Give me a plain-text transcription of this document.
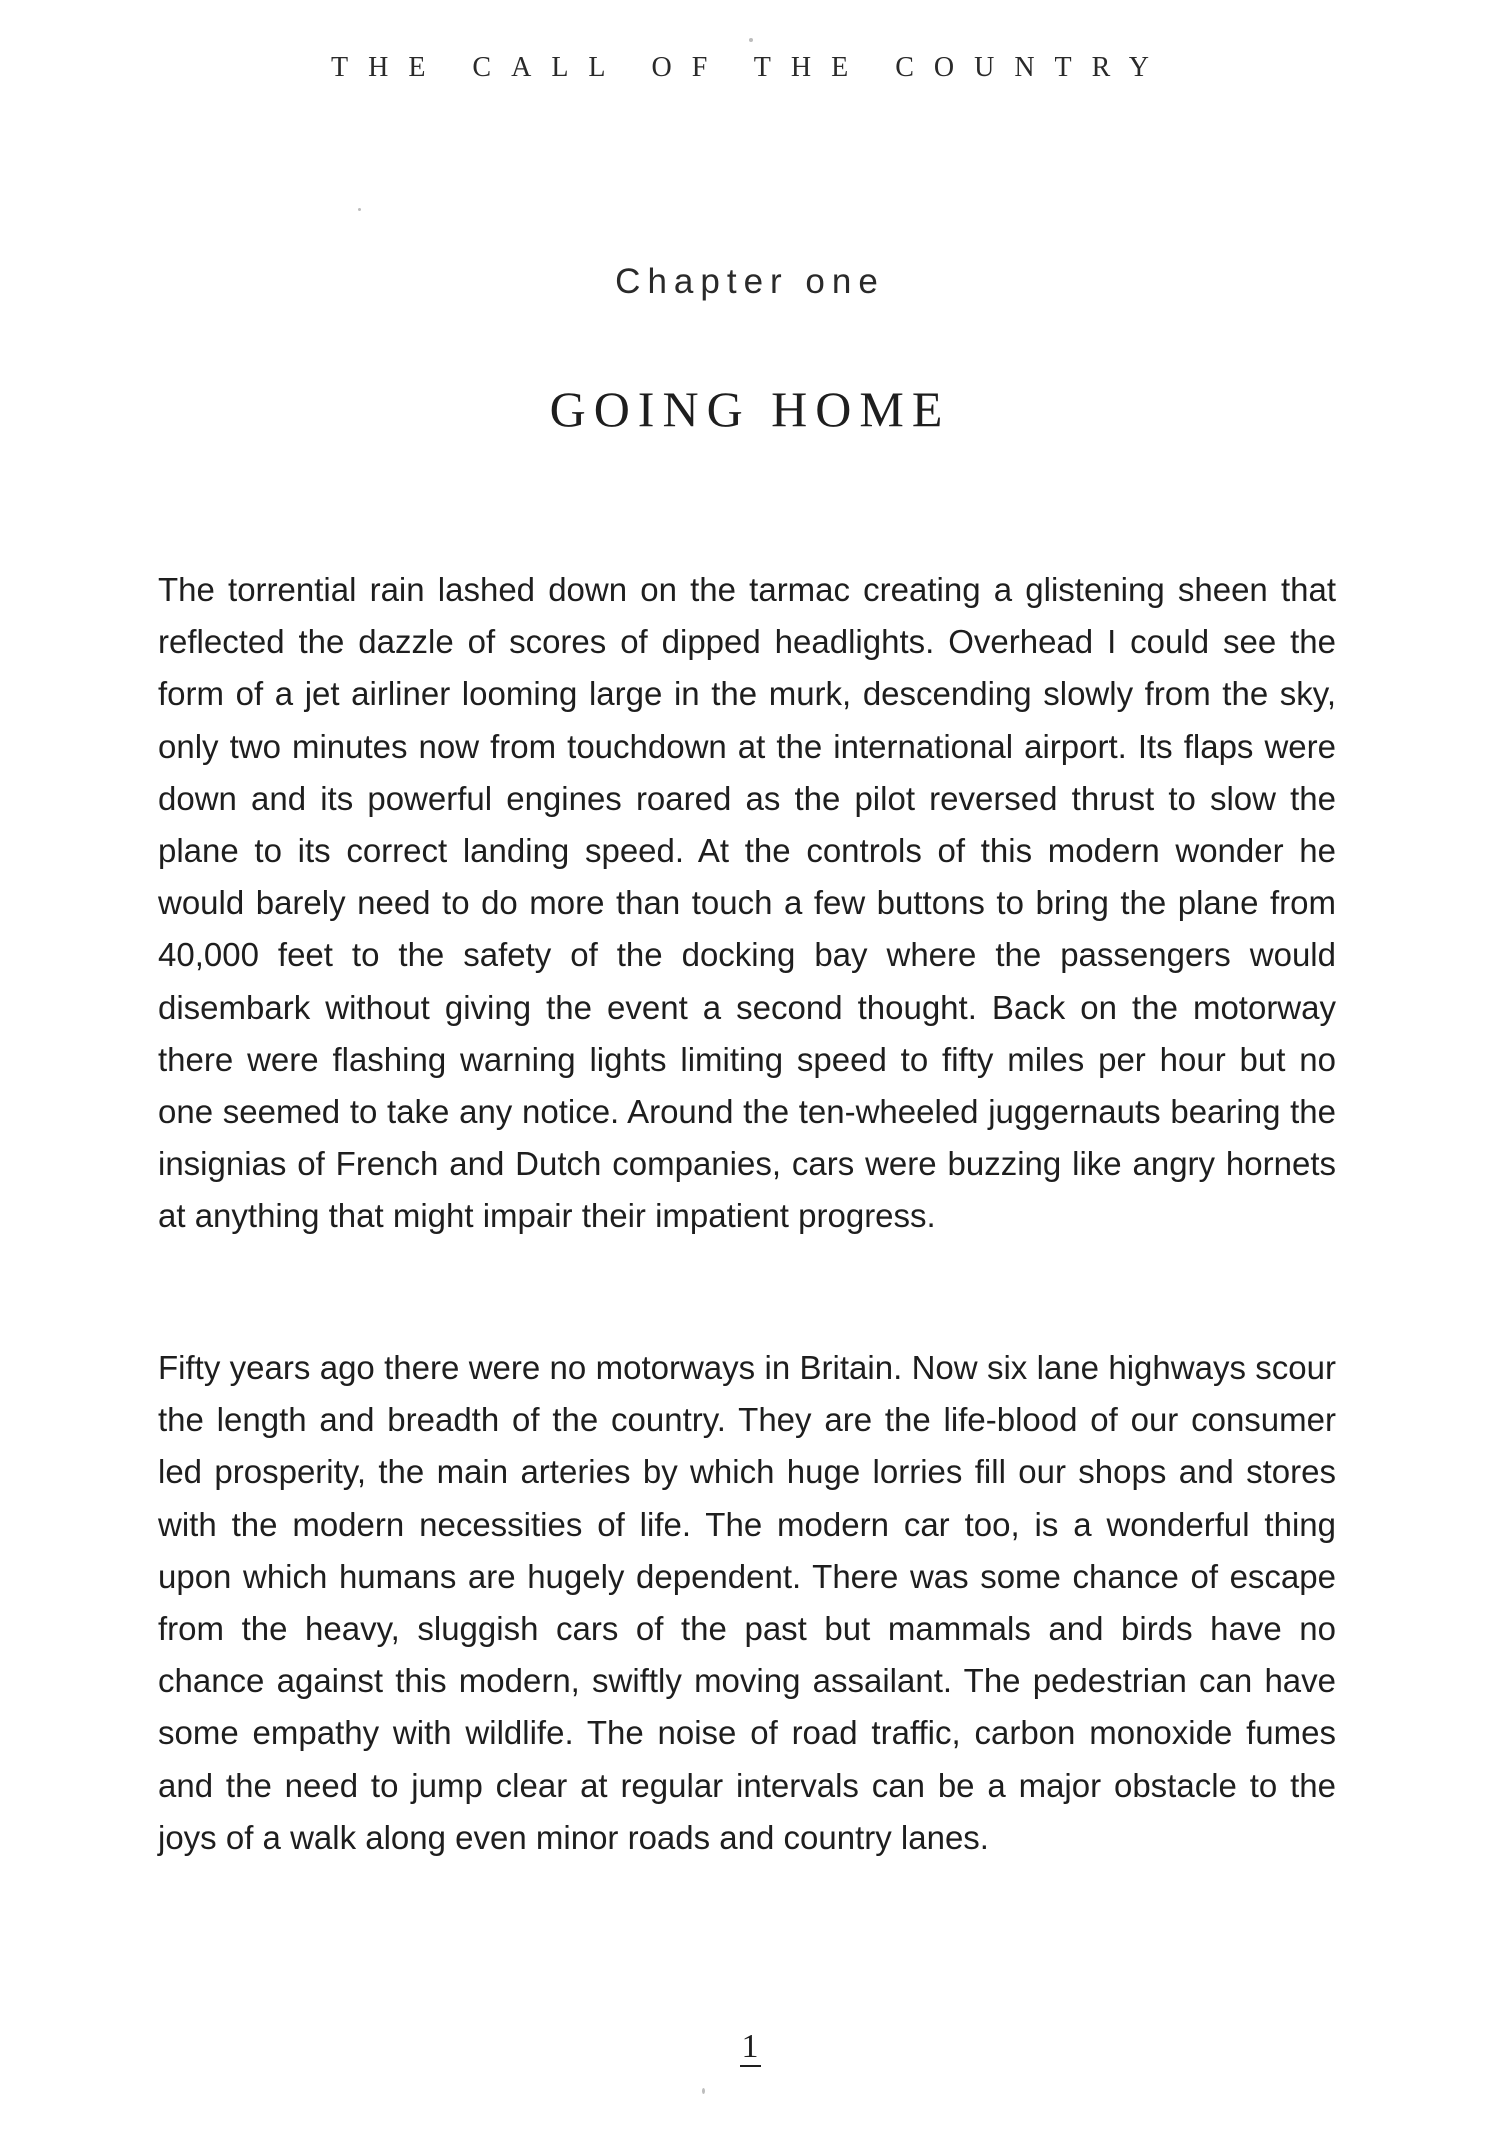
THE CALL OF THE COUNTRY
Chapter one
GOING HOME

The torrential rain lashed down on the tarmac creating a glistening sheen that reflected the dazzle of scores of dipped headlights. Overhead I could see the form of a jet airliner looming large in the murk, descending slowly from the sky, only two minutes now from touchdown at the international airport. Its flaps were down and its powerful engines roared as the pilot reversed thrust to slow the plane to its correct landing speed. At the controls of this modern wonder he would barely need to do more than touch a few buttons to bring the plane from 40,000 feet to the safety of the docking bay where the passengers would disembark without giving the event a second thought. Back on the motorway there were flashing warning lights limiting speed to fifty miles per hour but no one seemed to take any notice. Around the ten-wheeled juggernauts bearing the insignias of French and Dutch companies, cars were buzzing like angry hornets at anything that might impair their impatient progress.

Fifty years ago there were no motorways in Britain. Now six lane highways scour the length and breadth of the country. They are the life-blood of our consumer led prosperity, the main arteries by which huge lorries fill our shops and stores with the modern necessities of life. The modern car too, is a wonderful thing upon which humans are hugely dependent. There was some chance of escape from the heavy, sluggish cars of the past but mammals and birds have no chance against this modern, swiftly moving assailant. The pedestrian can have some empathy with wildlife. The noise of road traffic, carbon monoxide fumes and the need to jump clear at regular intervals can be a major obstacle to the joys of a walk along even minor roads and country lanes.

1
